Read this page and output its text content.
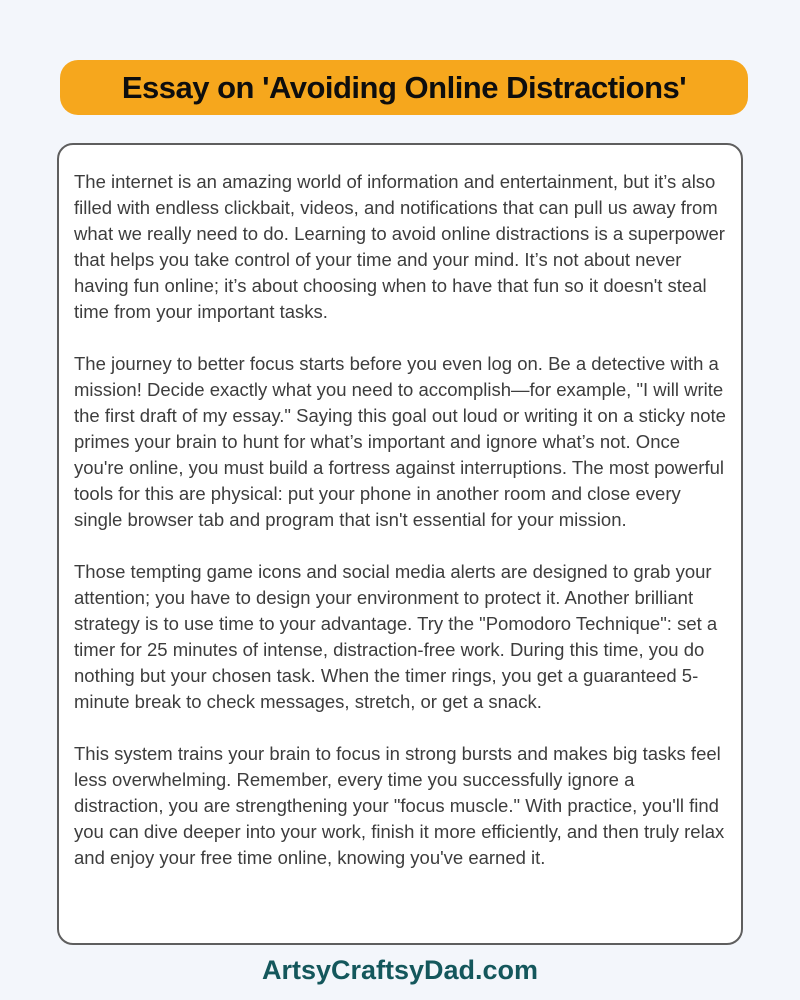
Essay on 'Avoiding Online Distractions'

The internet is an amazing world of information and entertainment, but it’s also filled with endless clickbait, videos, and notifications that can pull us away from what we really need to do. Learning to avoid online distractions is a superpower that helps you take control of your time and your mind. It’s not about never having fun online; it’s about choosing when to have that fun so it doesn't steal time from your important tasks.

The journey to better focus starts before you even log on. Be a detective with a mission! Decide exactly what you need to accomplish—for example, "I will write the first draft of my essay." Saying this goal out loud or writing it on a sticky note primes your brain to hunt for what’s important and ignore what’s not. Once you're online, you must build a fortress against interruptions. The most powerful tools for this are physical: put your phone in another room and close every single browser tab and program that isn't essential for your mission.

Those tempting game icons and social media alerts are designed to grab your attention; you have to design your environment to protect it. Another brilliant strategy is to use time to your advantage. Try the "Pomodoro Technique": set a timer for 25 minutes of intense, distraction-free work. During this time, you do nothing but your chosen task. When the timer rings, you get a guaranteed 5-minute break to check messages, stretch, or get a snack.

This system trains your brain to focus in strong bursts and makes big tasks feel less overwhelming. Remember, every time you successfully ignore a distraction, you are strengthening your "focus muscle." With practice, you'll find you can dive deeper into your work, finish it more efficiently, and then truly relax and enjoy your free time online, knowing you've earned it.

ArtsyCraftsyDad.com
